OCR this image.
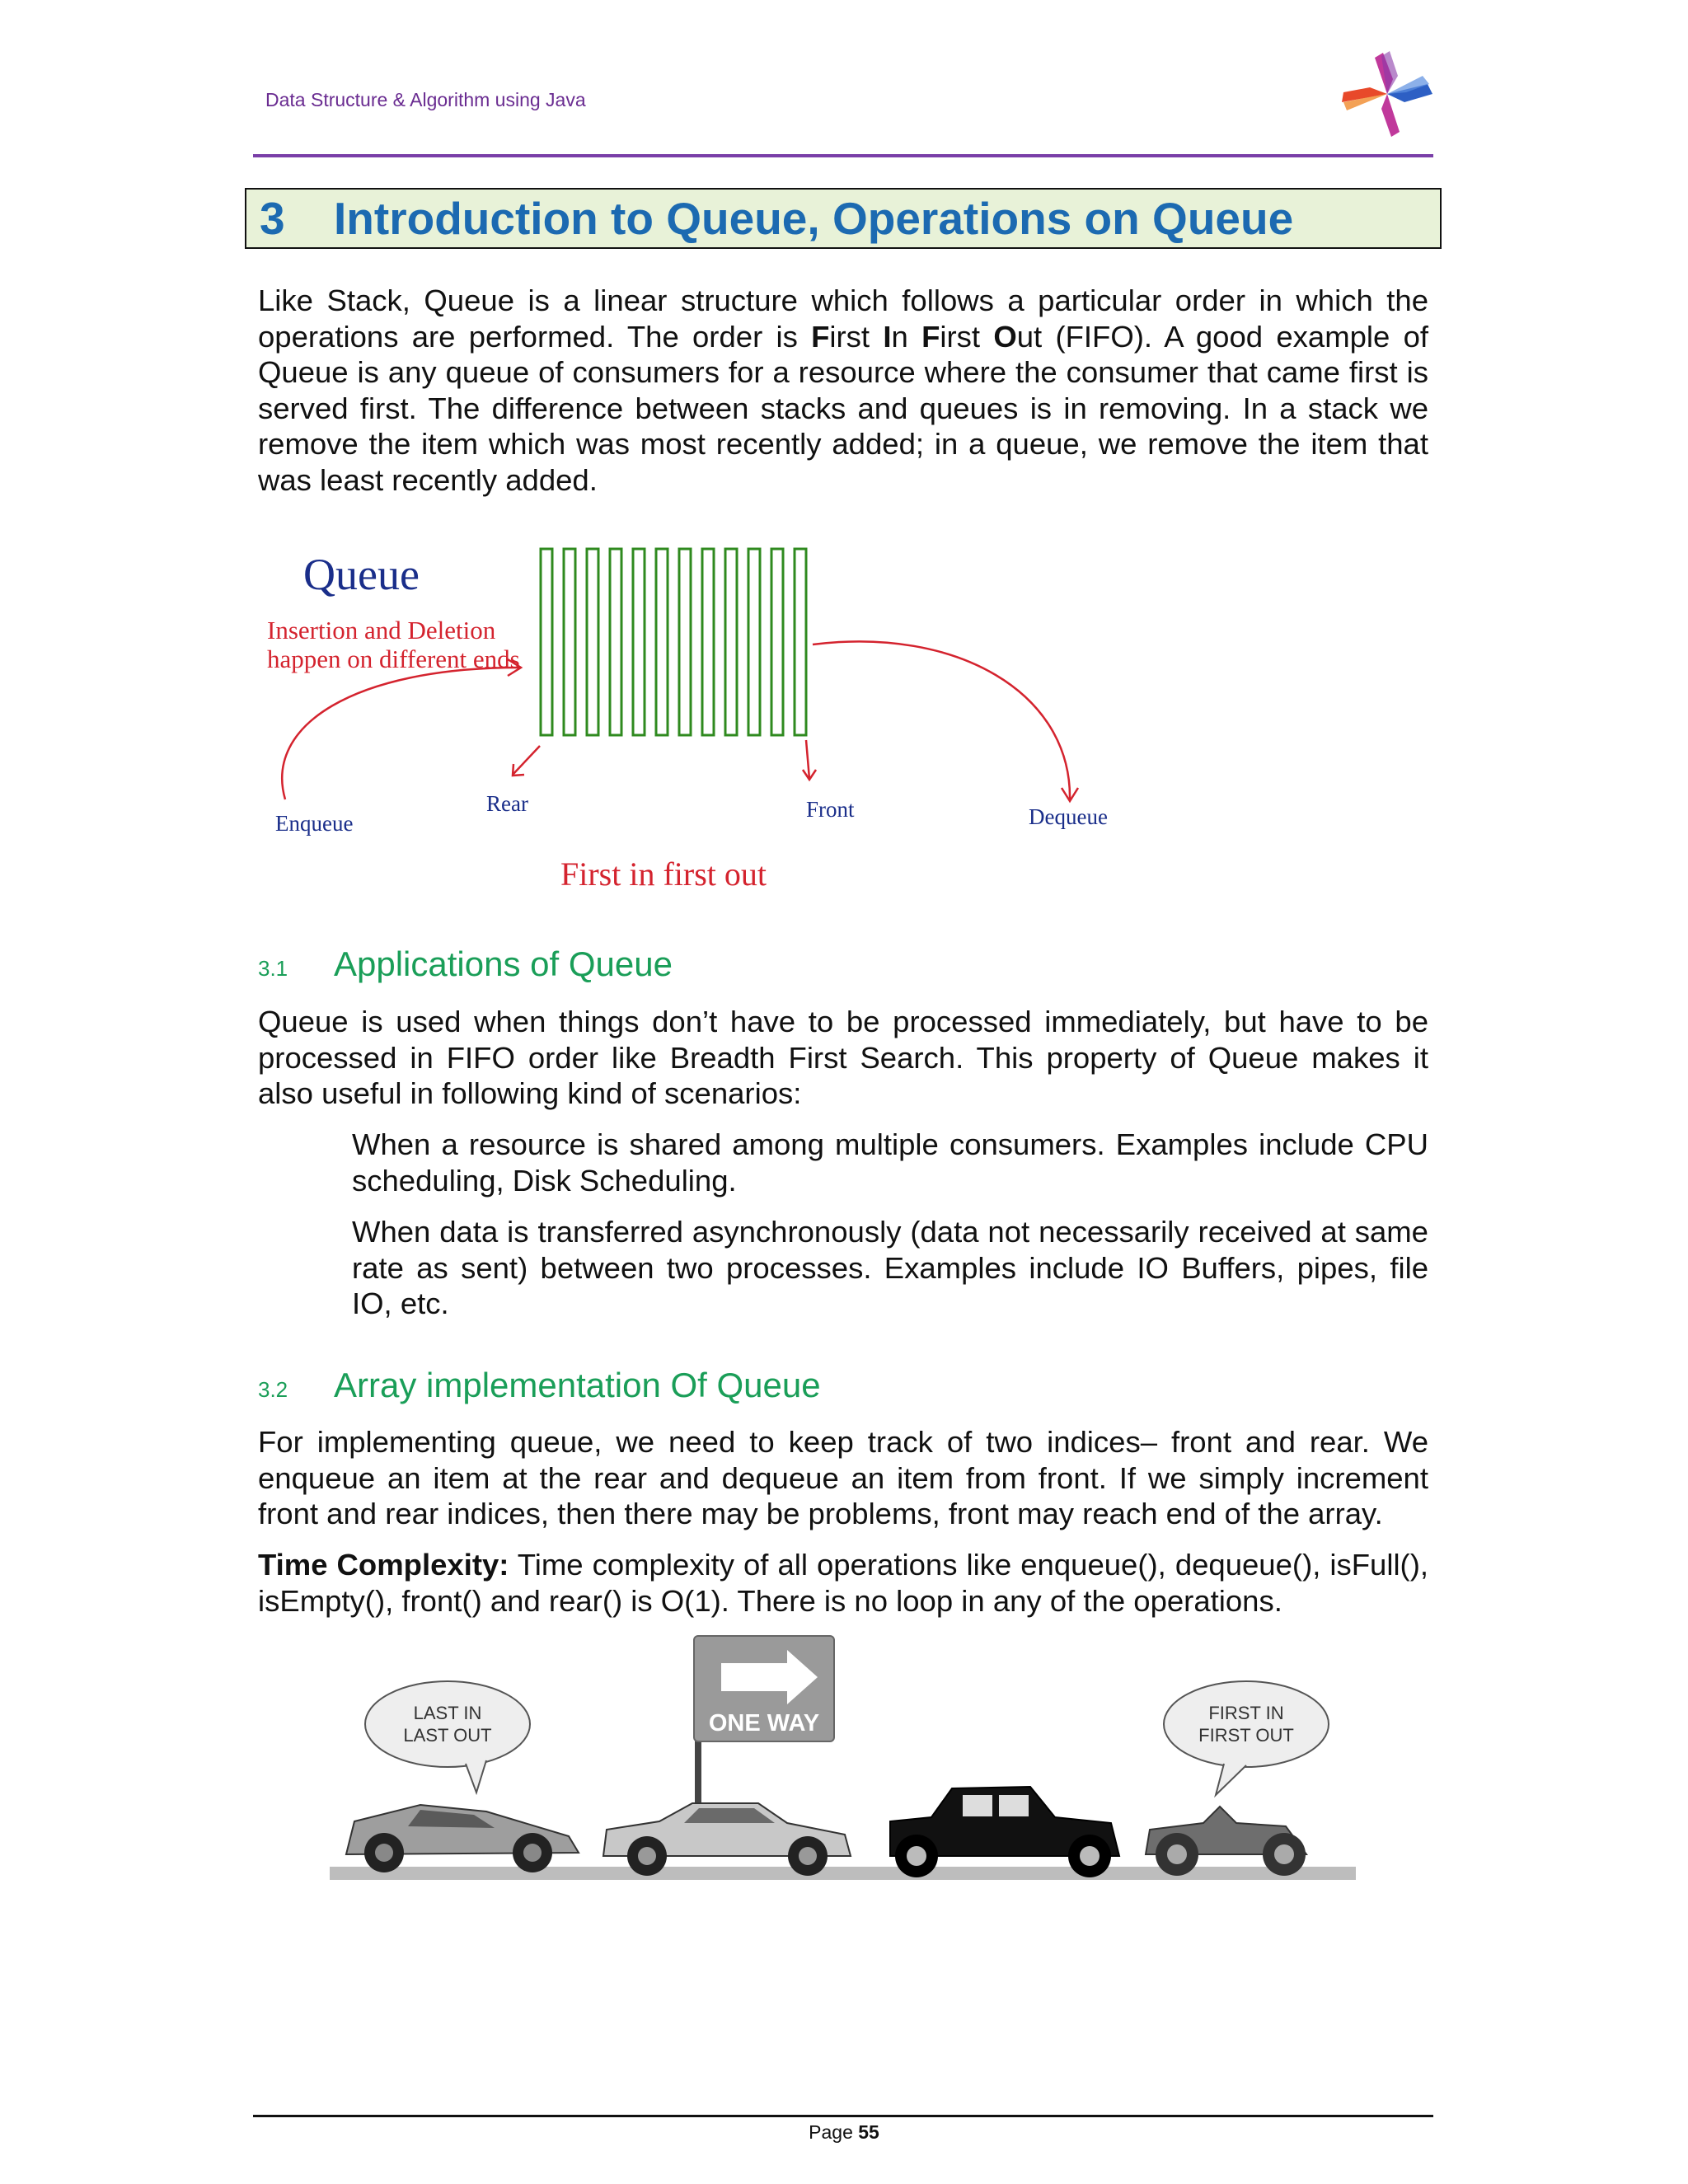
Data Structure & Algorithm using Java
3	Introduction to Queue, Operations on Queue
Like Stack, Queue is a linear structure which follows a particular order in which the operations are performed. The order is First In First Out (FIFO). A good example of Queue is any queue of consumers for a resource where the consumer that came first is served first. The difference between stacks and queues is in removing. In a stack we remove the item which was most recently added; in a queue, we remove the item that was least recently added.
Queue
Insertion and Deletion
happen on different ends
Enqueue
Rear	Front	Dequeue
First in first out
3.1	Applications of Queue
Queue is used when things don’t have to be processed immediately, but have to be processed in FIFO order like Breadth First Search. This property of Queue makes it also useful in following kind of scenarios:
When a resource is shared among multiple consumers. Examples include CPU scheduling, Disk Scheduling.
When data is transferred asynchronously (data not necessarily received at same rate as sent) between two processes. Examples include IO Buffers, pipes, file IO, etc.
3.2	Array implementation Of Queue
For implementing queue, we need to keep track of two indices– front and rear. We enqueue an item at the rear and dequeue an item from front. If we simply increment front and rear indices, then there may be problems, front may reach end of the array.
Time Complexity: Time complexity of all operations like enqueue(), dequeue(), isFull(), isEmpty(), front() and rear() is O(1). There is no loop in any of the operations.
LAST IN
LAST OUT	ONE WAY	FIRST IN
FIRST OUT
Page 55
